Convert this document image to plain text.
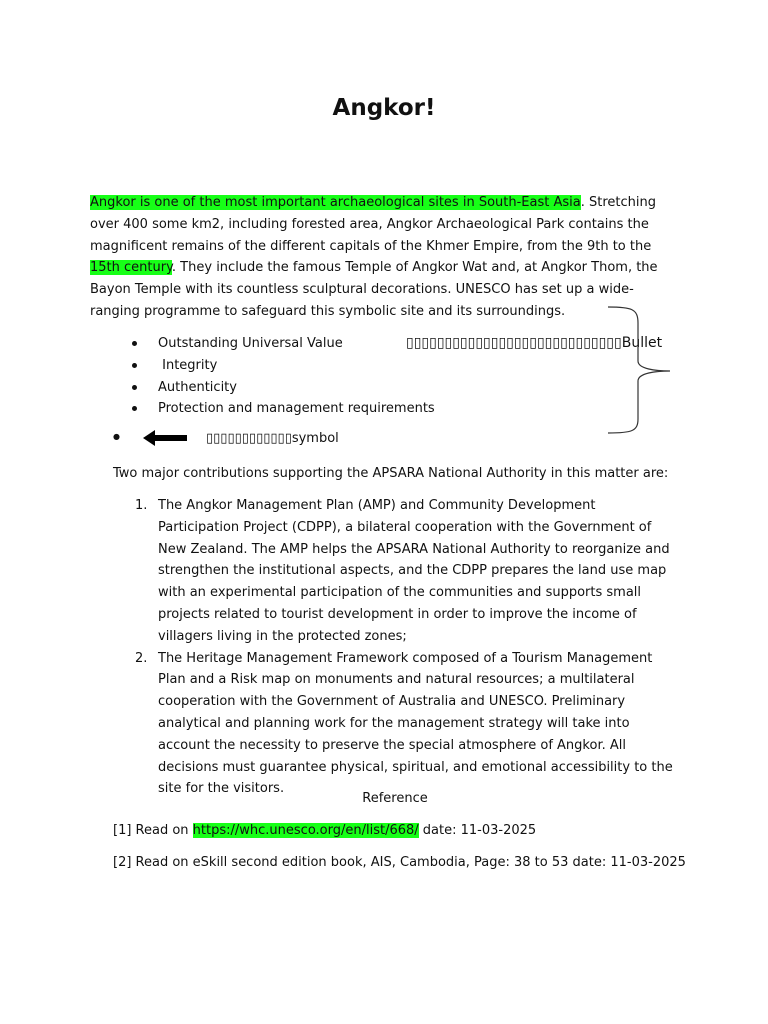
Angkor!

Angkor is one of the most important archaeological sites in South-East Asia. Stretching over 400 some km2, including forested area, Angkor Archaeological Park contains the magnificent remains of the different capitals of the Khmer Empire, from the 9th to the 15th century. They include the famous Temple of Angkor Wat and, at Angkor Thom, the Bayon Temple with its countless sculptural decorations. UNESCO has set up a wide-ranging programme to safeguard this symbolic site and its surroundings.

Outstanding Universal Value
Integrity
Authenticity
Protection and management requirements
▯▯▯▯▯▯▯▯▯▯▯▯▯▯▯▯▯▯▯▯▯▯▯▯▯▯▯▯Bullet
●	▯▯▯▯▯▯▯▯▯▯▯▯symbol

Two major contributions supporting the APSARA National Authority in this matter are:

1. The Angkor Management Plan (AMP) and Community Development Participation Project (CDPP), a bilateral cooperation with the Government of New Zealand. The AMP helps the APSARA National Authority to reorganize and strengthen the institutional aspects, and the CDPP prepares the land use map with an experimental participation of the communities and supports small projects related to tourist development in order to improve the income of villagers living in the protected zones;
2. The Heritage Management Framework composed of a Tourism Management Plan and a Risk map on monuments and natural resources; a multilateral cooperation with the Government of Australia and UNESCO. Preliminary analytical and planning work for the management strategy will take into account the necessity to preserve the special atmosphere of Angkor. All decisions must guarantee physical, spiritual, and emotional accessibility to the site for the visitors.
Reference

[1] Read on https://whc.unesco.org/en/list/668/ date: 11-03-2025

[2] Read on eSkill second edition book, AIS, Cambodia, Page: 38 to 53 date: 11-03-2025
